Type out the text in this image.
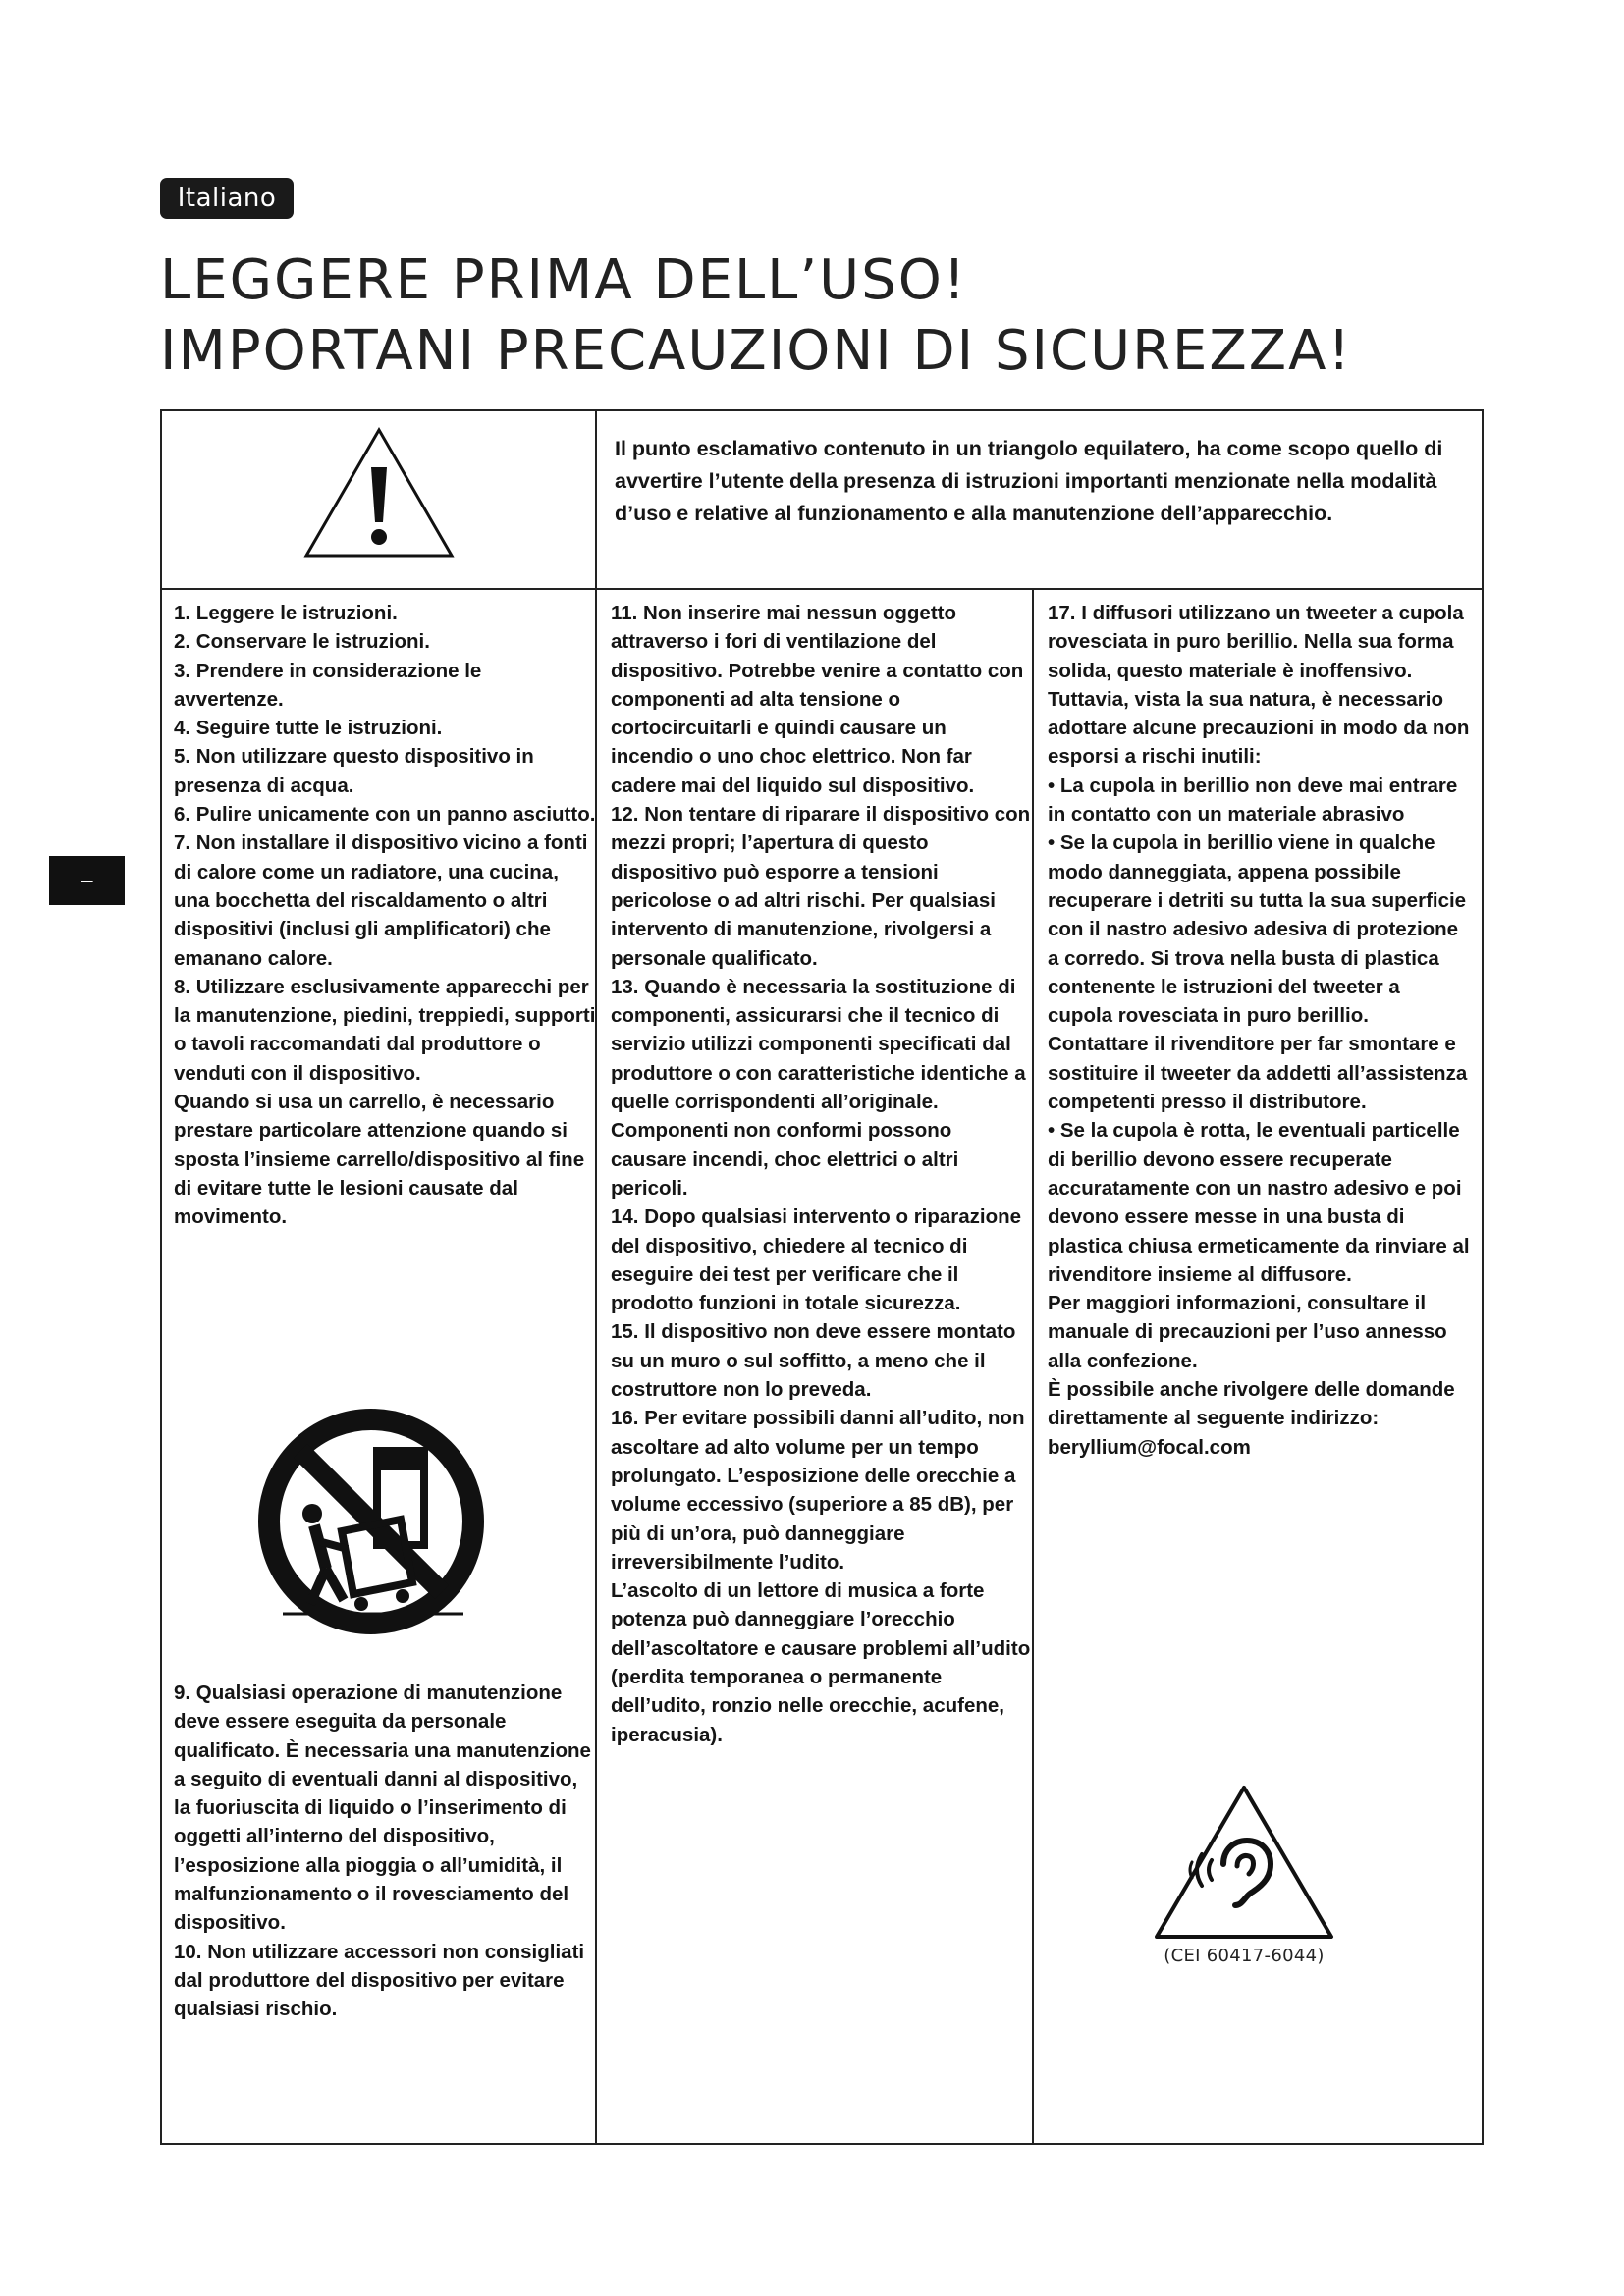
Italiano
LEGGERE PRIMA DELL’USO!
IMPORTANI PRECAUZIONI DI SICUREZZA!
–
Il punto esclamativo contenuto in un triangolo equilatero, ha come scopo quello di avvertire l’utente della presenza di istruzioni importanti menzionate nella modalità d’uso e relative al funzionamento e alla manutenzione dell’apparecchio.

1. Leggere le istruzioni.
2. Conservare le istruzioni.
3. Prendere in considerazione le avvertenze.
4. Seguire tutte le istruzioni.
5. Non utilizzare questo dispositivo in presenza di acqua.
6. Pulire unicamente con un panno asciutto.
7. Non installare il dispositivo vicino a fonti di calore come un radiatore, una cucina, una bocchetta del riscaldamento o altri dispositivi (inclusi gli amplificatori) che emanano calore.
8. Utilizzare esclusivamente apparecchi per la manutenzione, piedini, treppiedi, supporti o tavoli raccomandati dal produttore o venduti con il dispositivo.
Quando si usa un carrello, è necessario prestare particolare attenzione quando si sposta l’insieme carrello/dispositivo al fine di evitare tutte le lesioni causate dal movimento.

9. Qualsiasi operazione di manutenzione deve essere eseguita da personale qualificato. È necessaria una manutenzione a seguito di eventuali danni al dispositivo, la fuoriuscita di liquido o l’inserimento di oggetti all’interno del dispositivo, l’esposizione alla pioggia o all’umidità, il malfunzionamento o il rovesciamento del dispositivo.
10. Non utilizzare accessori non consigliati dal produttore del dispositivo per evitare qualsiasi rischio.

11. Non inserire mai nessun oggetto attraverso i fori di ventilazione del dispositivo. Potrebbe venire a contatto con componenti ad alta tensione o cortocircuitarli e quindi causare un incendio o uno choc elettrico. Non far cadere mai del liquido sul dispositivo.
12. Non tentare di riparare il dispositivo con mezzi propri; l’apertura di questo dispositivo può esporre a tensioni pericolose o ad altri rischi. Per qualsiasi intervento di manutenzione, rivolgersi a personale qualificato.
13. Quando è necessaria la sostituzione di componenti, assicurarsi che il tecnico di servizio utilizzi componenti specificati dal produttore o con caratteristiche identiche a quelle corrispondenti all’originale. Componenti non conformi possono causare incendi, choc elettrici o altri pericoli.
14. Dopo qualsiasi intervento o riparazione del dispositivo, chiedere al tecnico di eseguire dei test per verificare che il prodotto funzioni in totale sicurezza.
15. Il dispositivo non deve essere montato su un muro o sul soffitto, a meno che il costruttore non lo preveda.
16. Per evitare possibili danni all’udito, non ascoltare ad alto volume per un tempo prolungato. L’esposizione delle orecchie a volume eccessivo (superiore a 85 dB), per più di un’ora, può danneggiare irreversibilmente l’udito.
L’ascolto di un lettore di musica a forte potenza può danneggiare l’orecchio dell’ascoltatore e causare problemi all’udito (perdita temporanea o permanente dell’udito, ronzio nelle orecchie, acufene, iperacusia).

17. I diffusori utilizzano un tweeter a cupola rovesciata in puro berillio. Nella sua forma solida, questo materiale è inoffensivo. Tuttavia, vista la sua natura, è necessario adottare alcune precauzioni in modo da non esporsi a rischi inutili:
• La cupola in berillio non deve mai entrare in contatto con un materiale abrasivo
• Se la cupola in berillio viene in qualche modo danneggiata, appena possibile recuperare i detriti su tutta la sua superficie con il nastro adesivo adesiva di protezione a corredo. Si trova nella busta di plastica contenente le istruzioni del tweeter a cupola rovesciata in puro berillio. Contattare il rivenditore per far smontare e sostituire il tweeter da addetti all’assistenza competenti presso il distributore.
• Se la cupola è rotta, le eventuali particelle di berillio devono essere recuperate accuratamente con un nastro adesivo e poi devono essere messe in una busta di plastica chiusa ermeticamente da rinviare al rivenditore insieme al diffusore.
Per maggiori informazioni, consultare il manuale di precauzioni per l’uso annesso alla confezione.
È possibile anche rivolgere delle domande direttamente al seguente indirizzo:
beryllium@focal.com

(CEI 60417-6044)
